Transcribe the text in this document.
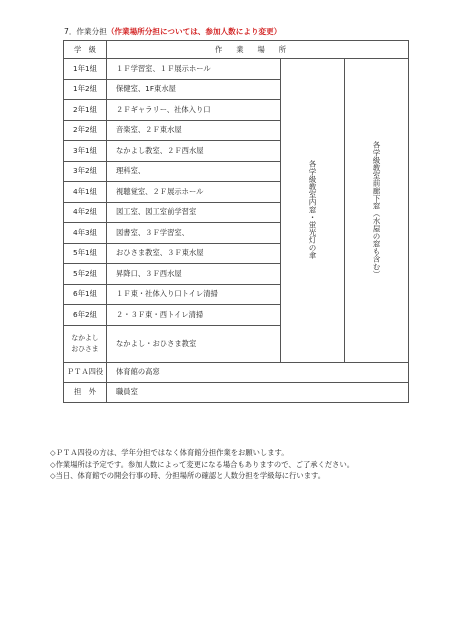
7．作業分担（作業場所分担については、参加人数により変更）
学　級	作業場所		
1年1組	１Ｆ学習室、１Ｆ展示ホール	各学級教室内窓・蛍光灯の傘	各学級教室前廊下窓（水屋の窓も含む）
1年2組	保健室、1F東水屋		
2年1組	２Ｆギャラリー、社体入り口		
2年2組	音楽室、２Ｆ東水屋		
3年1組	なかよし教室、２Ｆ西水屋		
3年2組	理科室、		
4年1組	視聴覚室、２Ｆ展示ホール		
4年2組	図工室、図工室前学習室		
4年3組	図書室、３Ｆ学習室、		
5年1組	おひさま教室、３Ｆ東水屋		
5年2組	昇降口、３Ｆ西水屋		
6年1組	１Ｆ東・社体入り口トイレ清掃		
6年2組	２・３Ｆ東・西トイレ清掃		

なかよし
おひさま	なかよし・おひさま教室		
ＰＴＡ四役	体育館の高窓		
担　外	職員室		
◇ＰＴＡ四役の方は、学年分担ではなく体育館分担作業をお願いします。
◇作業場所は予定です。参加人数によって変更になる場合もありますので、ご了承ください。
◇当日、体育館での開会行事の時、分担場所の確認と人数分担を学級毎に行います。
